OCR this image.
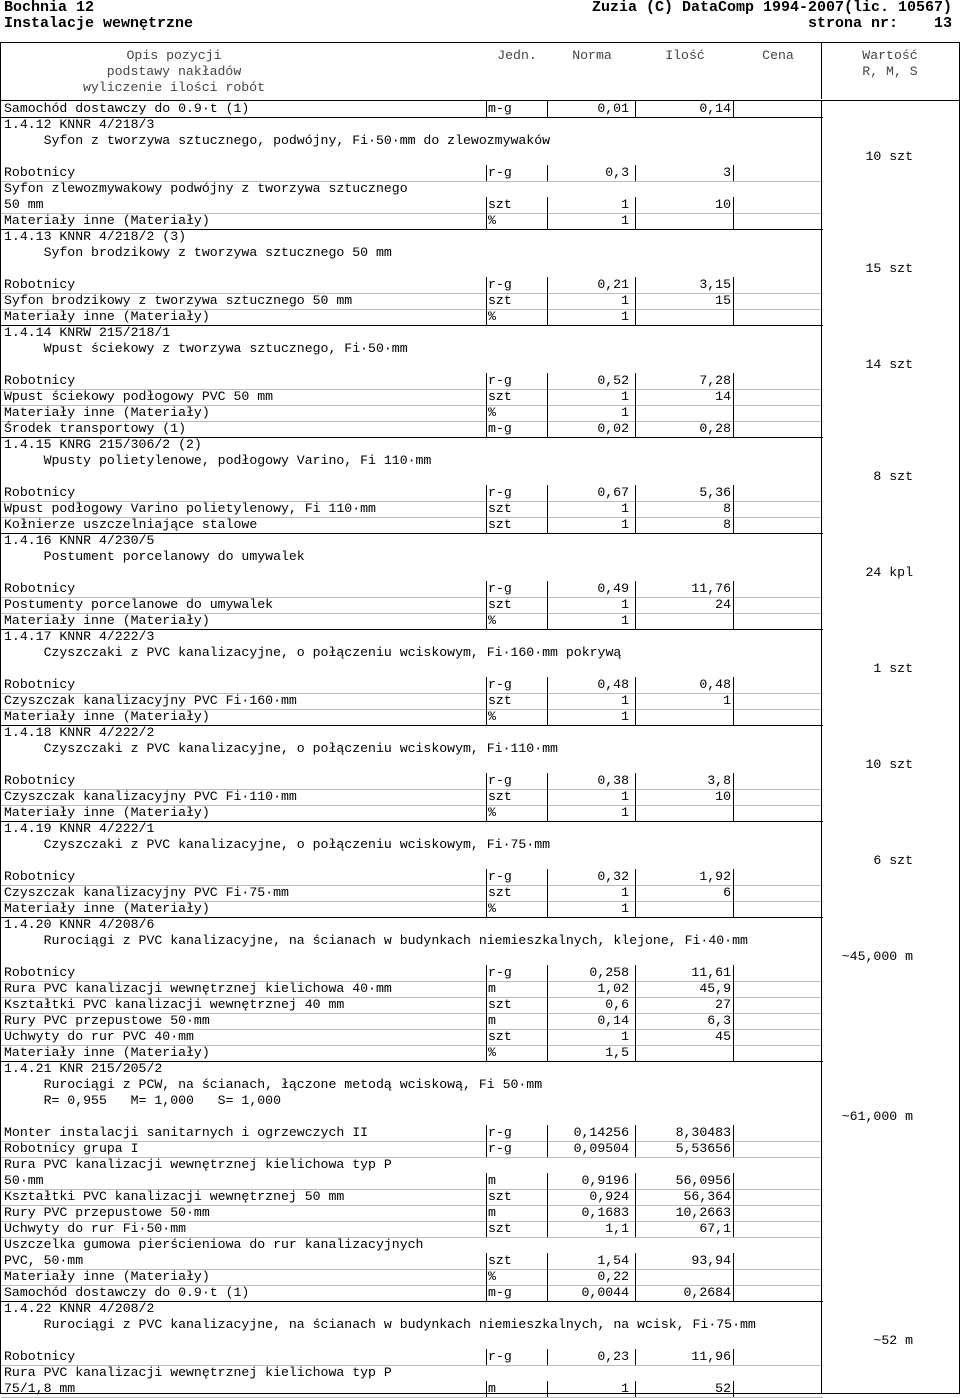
Bochnia 12
Instalacje wewnętrzne
Zuzia (C) DataComp 1994-2007(lic. 10567)
strona nr: 13
Opis pozycji
podstawy nakładów
wyliczenie ilości robót
Jedn.	Norma	Ilość	Cena	Wartość
R, M, S
Samochód dostawczy do 0.9·t (1)	m-g	0,01	0,14
1.4.12 KNNR 4/218/3
Syfon z tworzywa sztucznego, podwójny, Fi·50·mm do zlewozmywaków
10 szt
Robotnicy	r-g	0,3	3
Syfon zlewozmywakowy podwójny z tworzywa sztucznego
50 mm	szt	1	10
Materiały inne (Materiały)	%	1
1.4.13 KNNR 4/218/2 (3)
Syfon brodzikowy z tworzywa sztucznego 50 mm
15 szt
Robotnicy	r-g	0,21	3,15
Syfon brodzikowy z tworzywa sztucznego 50 mm	szt	1	15
Materiały inne (Materiały)	%	1
1.4.14 KNRW 215/218/1
Wpust ściekowy z tworzywa sztucznego, Fi·50·mm
14 szt
Robotnicy	r-g	0,52	7,28
Wpust ściekowy podłogowy PVC 50 mm	szt	1	14
Materiały inne (Materiały)	%	1
Środek transportowy (1)	m-g	0,02	0,28
1.4.15 KNRG 215/306/2 (2)
Wpusty polietylenowe, podłogowy Varino, Fi 110·mm
8 szt
Robotnicy	r-g	0,67	5,36
Wpust podłogowy Varino polietylenowy, Fi 110·mm	szt	1	8
Kołnierze uszczelniające stalowe	szt	1	8
1.4.16 KNNR 4/230/5
Postument porcelanowy do umywalek
24 kpl
Robotnicy	r-g	0,49	11,76
Postumenty porcelanowe do umywalek	szt	1	24
Materiały inne (Materiały)	%	1
1.4.17 KNNR 4/222/3
Czyszczaki z PVC kanalizacyjne, o połączeniu wciskowym, Fi·160·mm pokrywą
1 szt
Robotnicy	r-g	0,48	0,48
Czyszczak kanalizacyjny PVC Fi·160·mm	szt	1	1
Materiały inne (Materiały)	%	1
1.4.18 KNNR 4/222/2
Czyszczaki z PVC kanalizacyjne, o połączeniu wciskowym, Fi·110·mm
10 szt
Robotnicy	r-g	0,38	3,8
Czyszczak kanalizacyjny PVC Fi·110·mm	szt	1	10
Materiały inne (Materiały)	%	1
1.4.19 KNNR 4/222/1
Czyszczaki z PVC kanalizacyjne, o połączeniu wciskowym, Fi·75·mm
6 szt
Robotnicy	r-g	0,32	1,92
Czyszczak kanalizacyjny PVC Fi·75·mm	szt	1	6
Materiały inne (Materiały)	%	1
1.4.20 KNNR 4/208/6
Rurociągi z PVC kanalizacyjne, na ścianach w budynkach niemieszkalnych, klejone, Fi·40·mm
~45,000 m
Robotnicy	r-g	0,258	11,61
Rura PVC kanalizacji wewnętrznej kielichowa 40·mm	m	1,02	45,9
Kształtki PVC kanalizacji wewnętrznej 40 mm	szt	0,6	27
Rury PVC przepustowe 50·mm	m	0,14	6,3
Uchwyty do rur PVC 40·mm	szt	1	45
Materiały inne (Materiały)	%	1,5
1.4.21 KNR 215/205/2
Rurociągi z PCW, na ścianach, łączone metodą wciskową, Fi 50·mm
R= 0,955   M= 1,000   S= 1,000
~61,000 m
Monter instalacji sanitarnych i ogrzewczych II	r-g	0,14256	8,30483
Robotnicy grupa I	r-g	0,09504	5,53656
Rura PVC kanalizacji wewnętrznej kielichowa typ P
50·mm	m	0,9196	56,0956
Kształtki PVC kanalizacji wewnętrznej 50 mm	szt	0,924	56,364
Rury PVC przepustowe 50·mm	m	0,1683	10,2663
Uchwyty do rur Fi·50·mm	szt	1,1	67,1
Uszczelka gumowa pierścieniowa do rur kanalizacyjnych
PVC, 50·mm	szt	1,54	93,94
Materiały inne (Materiały)	%	0,22
Samochód dostawczy do 0.9·t (1)	m-g	0,0044	0,2684
1.4.22 KNNR 4/208/2
Rurociągi z PVC kanalizacyjne, na ścianach w budynkach niemieszkalnych, na wcisk, Fi·75·mm
~52 m
Robotnicy	r-g	0,23	11,96
Rura PVC kanalizacji wewnętrznej kielichowa typ P
75/1,8 mm	m	1	52
